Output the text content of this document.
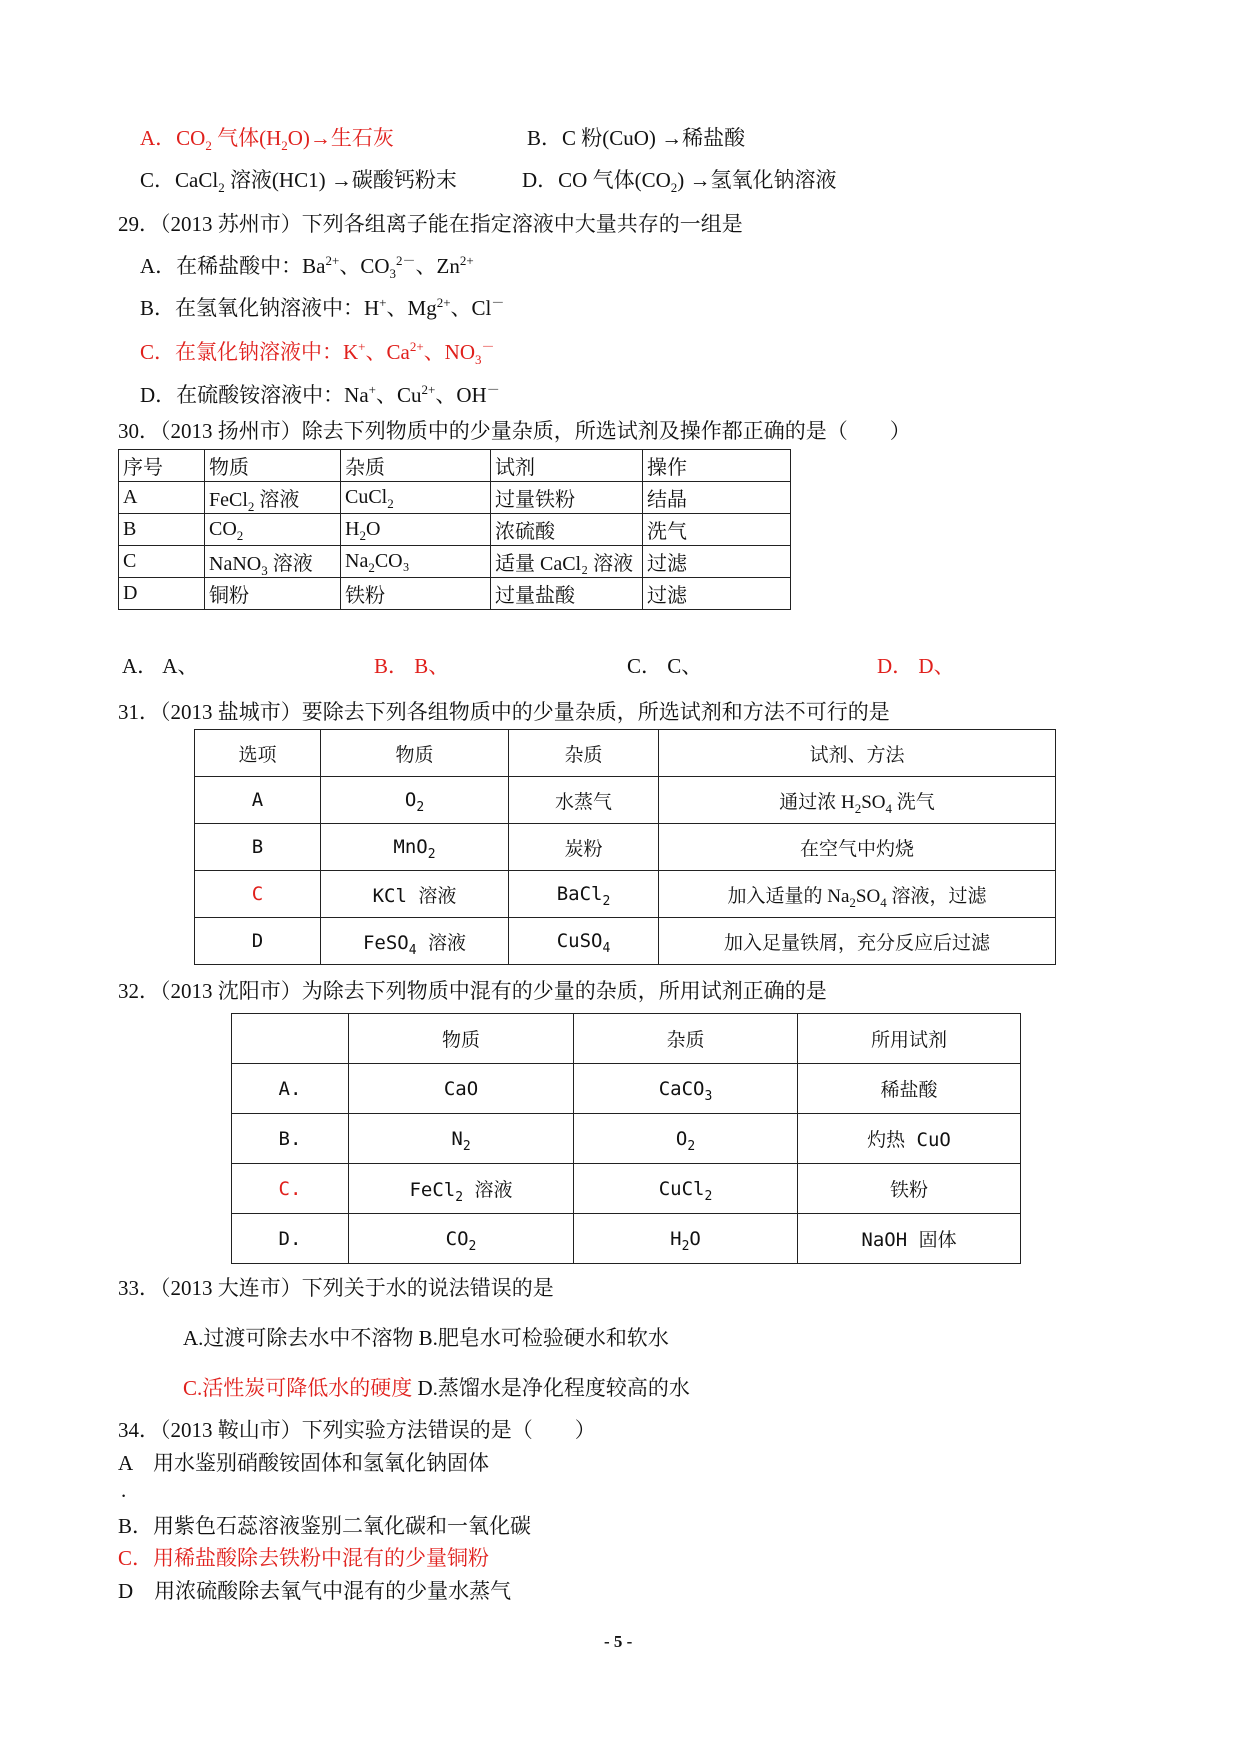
A．$CO_2$ 气体$(H_2O)\to$生石灰	B．C 粉(CuO) →稀盐酸
C．CaCl$_2$ 溶液(HC1) →碳酸钙粉末	D．CO 气体$(CO_2)$ →氢氧化钠溶液
29．（2013 苏州市）下列各组离子能在指定溶液中大量共存的一组是
A．在稀盐酸中：$Ba^{2+}$、$CO_3^{2-}$、$Zn^{2+}$
B．在氢氧化钠溶液中：H+、$Mg^{2+}$、Cl－
C．在氯化钠溶液中：K+、$Ca^{2+}$、$NO_3^-$
D．在硫酸铵溶液中：Na+、$Cu^{2+}$、OH－
30．（2013 扬州市）除去下列物质中的少量杂质，所选试剂及操作都正确的是（　　）
序号	物质	杂质	试剂	操作
A	FeCl$_2$ 溶液	CuCl$_2$	过量铁粉	结晶
B	$CO_2$	$H_2O$	浓硫酸	洗气
C	NaNO$_3$ 溶液	$Na_2CO_3$	适量 CaCl₂ 溶液	过滤
D	铜粉	铁粉	过量盐酸	过滤
A． A、	B． B、	C． C、	D． D、
31．（2013 盐城市）要除去下列各组物质中的少量杂质，所选试剂和方法不可行的是
选项	物质	杂质	试剂、方法
A	$O_2$	水蒸气	通过浓 $H_2SO_4$ 洗气
B	MnO$_2$	炭粉	在空气中灼烧
C	KCl 溶液	BaCl$_2$	加入适量的 $Na_2SO_4$ 溶液，过滤
D	FeSO$_4$ 溶液	CuSO$_4$	加入足量铁屑，充分反应后过滤
32．（2013 沈阳市）为除去下列物质中混有的少量的杂质，所用试剂正确的是
	物质	杂质	所用试剂
A.	CaO	CaCO$_3$	稀盐酸
B.	$N_2$	$O_2$	灼热 CuO
C.	FeCl$_2$ 溶液	CuCl$_2$	铁粉
D.	$CO_2$	$H_2O$	NaOH 固体
33．（2013 大连市）下列关于水的说法错误的是
A.过渡可除去水中不溶物 B.肥皂水可检验硬水和软水
C.活性炭可降低水的硬度 D.蒸馏水是净化程度较高的水
34．（2013 鞍山市）下列实验方法错误的是（　　）
A　用水鉴别硝酸铵固体和氢氧化钠固体
.
B．用紫色石蕊溶液鉴别二氧化碳和一氧化碳
C．用稀盐酸除去铁粉中混有的少量铜粉
D　用浓硫酸除去氧气中混有的少量水蒸气
- 5 -
